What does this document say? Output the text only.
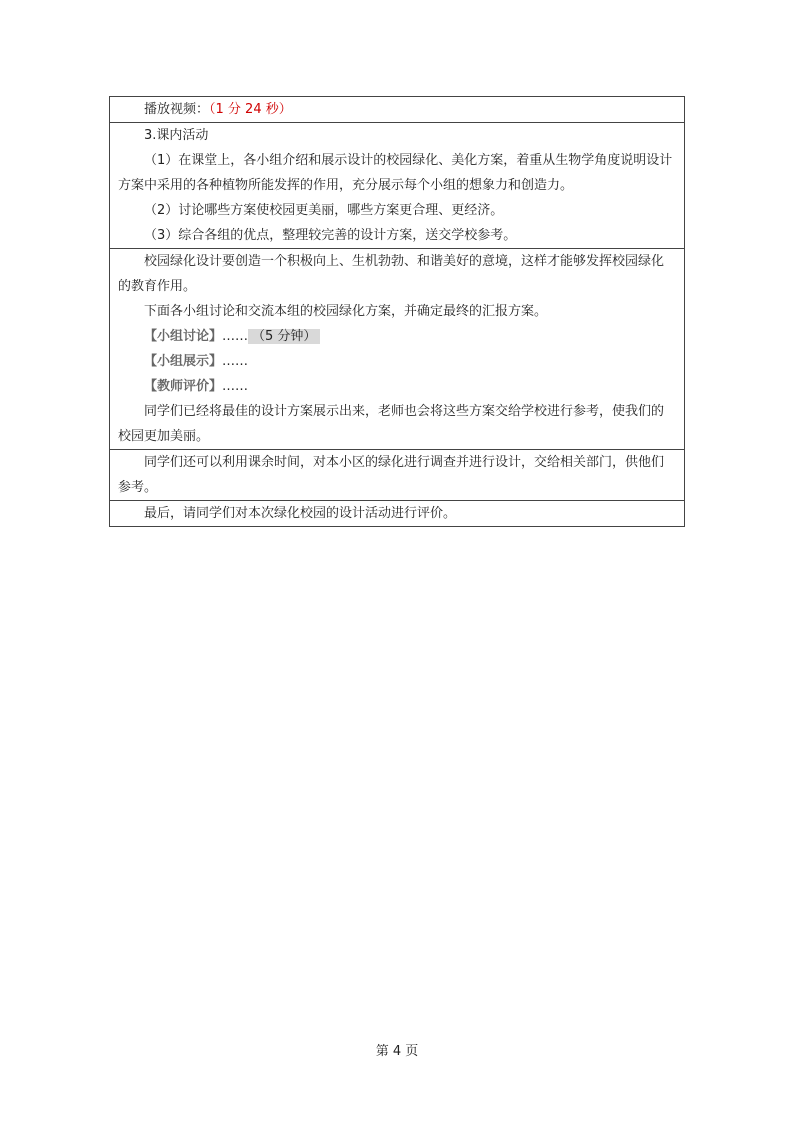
播放视频：（1 分 24 秒）

3.课内活动

（1）在课堂上，各小组介绍和展示设计的校园绿化、美化方案，着重从生物学角度说明设计方案中采用的各种植物所能发挥的作用，充分展示每个小组的想象力和创造力。

（2）讨论哪些方案使校园更美丽，哪些方案更合理、更经济。

（3）综合各组的优点，整理较完善的设计方案，送交学校参考。

校园绿化设计要创造一个积极向上、生机勃勃、和谐美好的意境，这样才能够发挥校园绿化的教育作用。

下面各小组讨论和交流本组的校园绿化方案，并确定最终的汇报方案。

【小组讨论】…… （5 分钟）

【小组展示】……

【教师评价】……

同学们已经将最佳的设计方案展示出来，老师也会将这些方案交给学校进行参考，使我们的校园更加美丽。

同学们还可以利用课余时间，对本小区的绿化进行调查并进行设计，交给相关部门，供他们参考。

最后，请同学们对本次绿化校园的设计活动进行评价。

第 4 页
